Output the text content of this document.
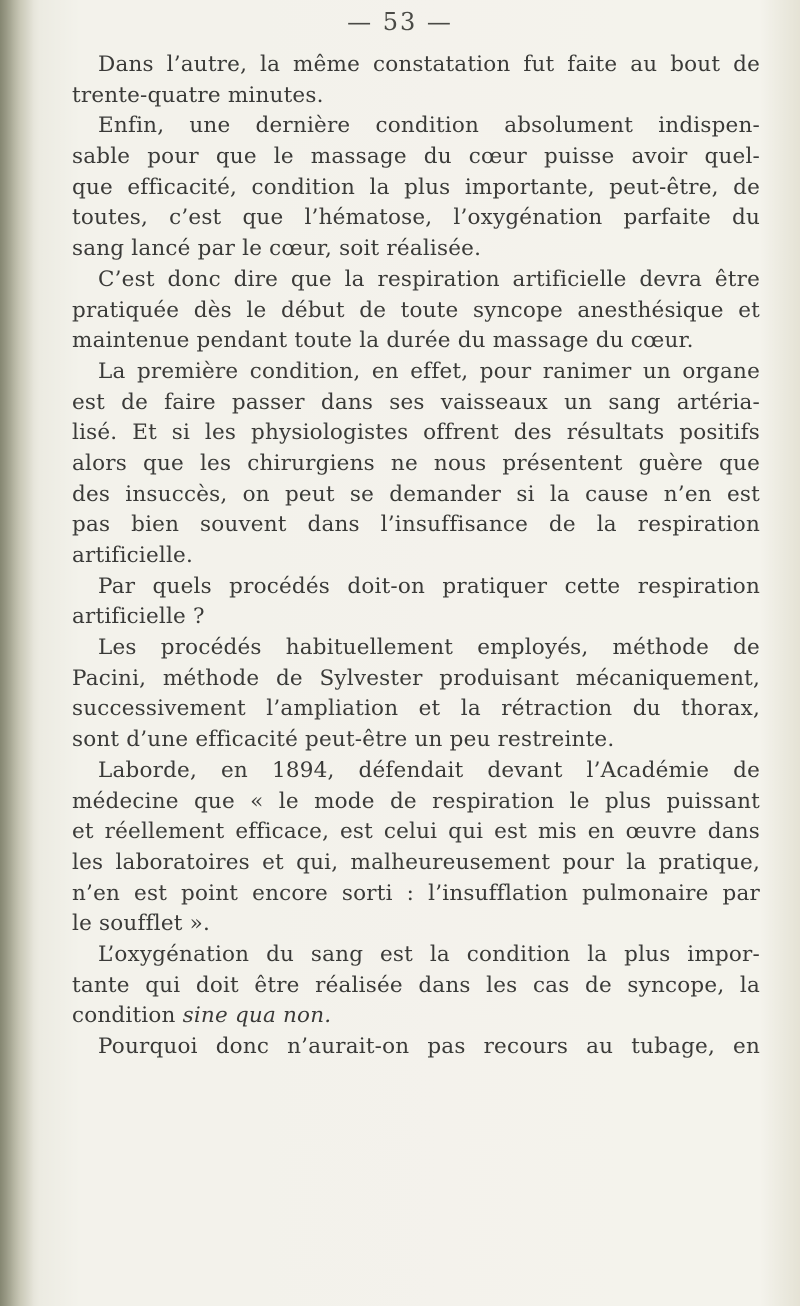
— 53 —
Dans l’autre, la même constatation fut faite au bout de
trente-quatre minutes.
Enfin, une dernière condition absolument indispen-
sable pour que le massage du cœur puisse avoir quel-
que efficacité, condition la plus importante, peut-être, de
toutes, c’est que l’hématose, l’oxygénation parfaite du
sang lancé par le cœur, soit réalisée.
C’est donc dire que la respiration artificielle devra être
pratiquée dès le début de toute syncope anesthésique et
maintenue pendant toute la durée du massage du cœur.
La première condition, en effet, pour ranimer un organe
est de faire passer dans ses vaisseaux un sang artéria-
lisé. Et si les physiologistes offrent des résultats positifs
alors que les chirurgiens ne nous présentent guère que
des insuccès, on peut se demander si la cause n’en est
pas bien souvent dans l’insuffisance de la respiration
artificielle.
Par quels procédés doit-on pratiquer cette respiration
artificielle ?
Les procédés habituellement employés, méthode de
Pacini, méthode de Sylvester produisant mécaniquement,
successivement l’ampliation et la rétraction du thorax,
sont d’une efficacité peut-être un peu restreinte.
Laborde, en 1894, défendait devant l’Académie de
médecine que « le mode de respiration le plus puissant
et réellement efficace, est celui qui est mis en œuvre dans
les laboratoires et qui, malheureusement pour la pratique,
n’en est point encore sorti : l’insufflation pulmonaire par
le soufflet ».
L’oxygénation du sang est la condition la plus impor-
tante qui doit être réalisée dans les cas de syncope, la
condition sine qua non.
Pourquoi donc n’aurait-on pas recours au tubage, en
